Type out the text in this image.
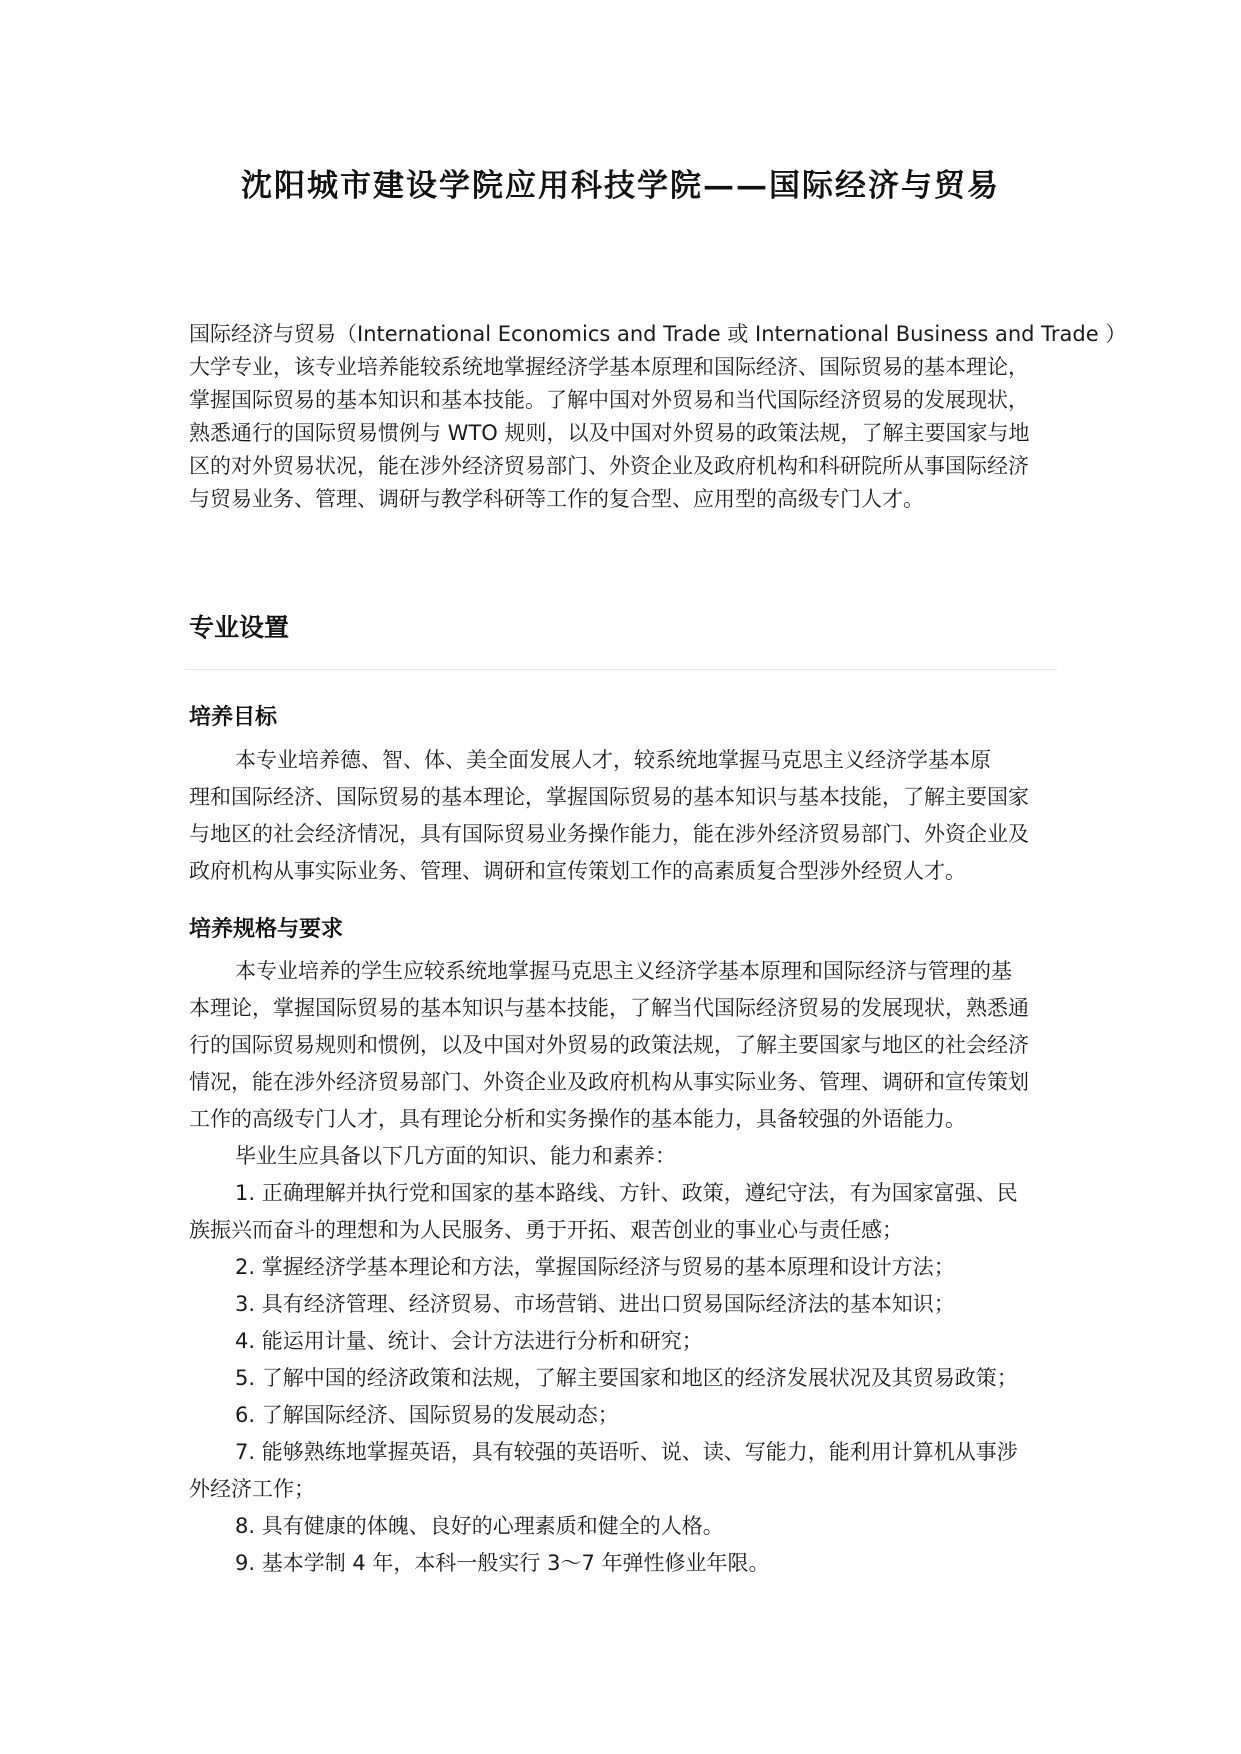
沈阳城市建设学院应用科技学院——国际经济与贸易
国际经济与贸易（International Economics and Trade 或 International Business and Trade ）
大学专业，该专业培养能较系统地掌握经济学基本原理和国际经济、国际贸易的基本理论，
掌握国际贸易的基本知识和基本技能。了解中国对外贸易和当代国际经济贸易的发展现状，
熟悉通行的国际贸易惯例与 WTO 规则，以及中国对外贸易的政策法规，了解主要国家与地
区的对外贸易状况，能在涉外经济贸易部门、外资企业及政府机构和科研院所从事国际经济
与贸易业务、管理、调研与教学科研等工作的复合型、应用型的高级专门人才。
专业设置
培养目标
本专业培养德、智、体、美全面发展人才，较系统地掌握马克思主义经济学基本原
理和国际经济、国际贸易的基本理论，掌握国际贸易的基本知识与基本技能，了解主要国家
与地区的社会经济情况，具有国际贸易业务操作能力，能在涉外经济贸易部门、外资企业及
政府机构从事实际业务、管理、调研和宣传策划工作的高素质复合型涉外经贸人才。
培养规格与要求
本专业培养的学生应较系统地掌握马克思主义经济学基本原理和国际经济与管理的基
本理论，掌握国际贸易的基本知识与基本技能，了解当代国际经济贸易的发展现状，熟悉通
行的国际贸易规则和惯例，以及中国对外贸易的政策法规，了解主要国家与地区的社会经济
情况，能在涉外经济贸易部门、外资企业及政府机构从事实际业务、管理、调研和宣传策划
工作的高级专门人才，具有理论分析和实务操作的基本能力，具备较强的外语能力。
毕业生应具备以下几方面的知识、能力和素养：
1. 正确理解并执行党和国家的基本路线、方针、政策，遵纪守法，有为国家富强、民
族振兴而奋斗的理想和为人民服务、勇于开拓、艰苦创业的事业心与责任感；
2. 掌握经济学基本理论和方法，掌握国际经济与贸易的基本原理和设计方法；
3. 具有经济管理、经济贸易、市场营销、进出口贸易国际经济法的基本知识；
4. 能运用计量、统计、会计方法进行分析和研究；
5. 了解中国的经济政策和法规，了解主要国家和地区的经济发展状况及其贸易政策；
6. 了解国际经济、国际贸易的发展动态；
7. 能够熟练地掌握英语，具有较强的英语听、说、读、写能力，能利用计算机从事涉
外经济工作；
8. 具有健康的体魄、良好的心理素质和健全的人格。
9. 基本学制 4 年，本科一般实行 3～7 年弹性修业年限。
